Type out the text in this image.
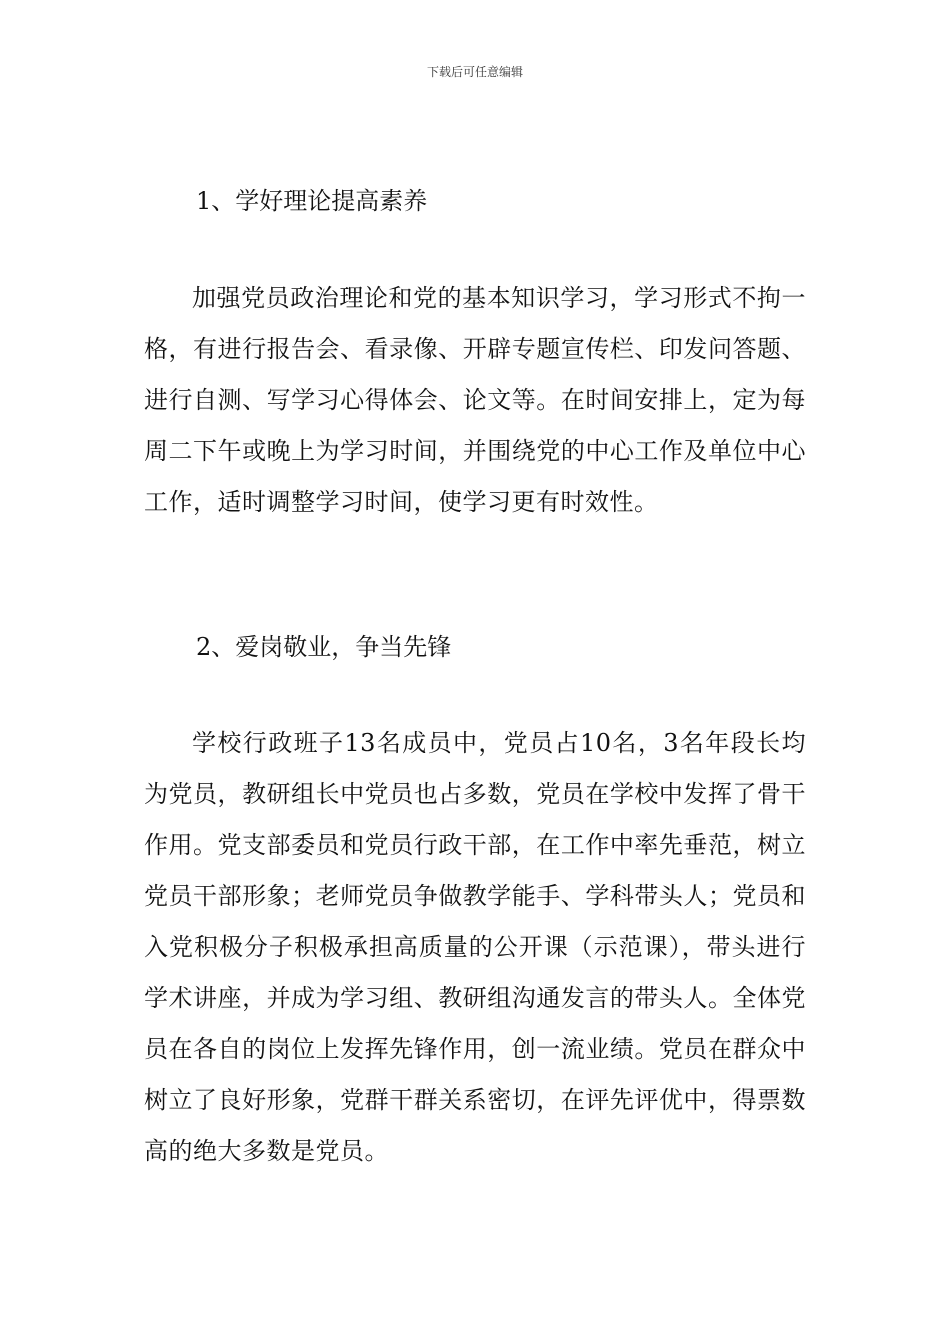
下载后可任意编辑
1、学好理论提高素养

加强党员政治理论和党的基本知识学习，学习形式不拘一格，有进行报告会、看录像、开辟专题宣传栏、印发问答题、进行自测、写学习心得体会、论文等。在时间安排上，定为每周二下午或晚上为学习时间，并围绕党的中心工作及单位中心工作，适时调整学习时间，使学习更有时效性。

2、爱岗敬业，争当先锋

学校行政班子13名成员中，党员占10名，3名年段长均为党员，教研组长中党员也占多数，党员在学校中发挥了骨干作用。党支部委员和党员行政干部，在工作中率先垂范，树立党员干部形象；老师党员争做教学能手、学科带头人；党员和入党积极分子积极承担高质量的公开课（示范课），带头进行学术讲座，并成为学习组、教研组沟通发言的带头人。全体党员在各自的岗位上发挥先锋作用，创一流业绩。党员在群众中树立了良好形象，党群干群关系密切，在评先评优中，得票数高的绝大多数是党员。
